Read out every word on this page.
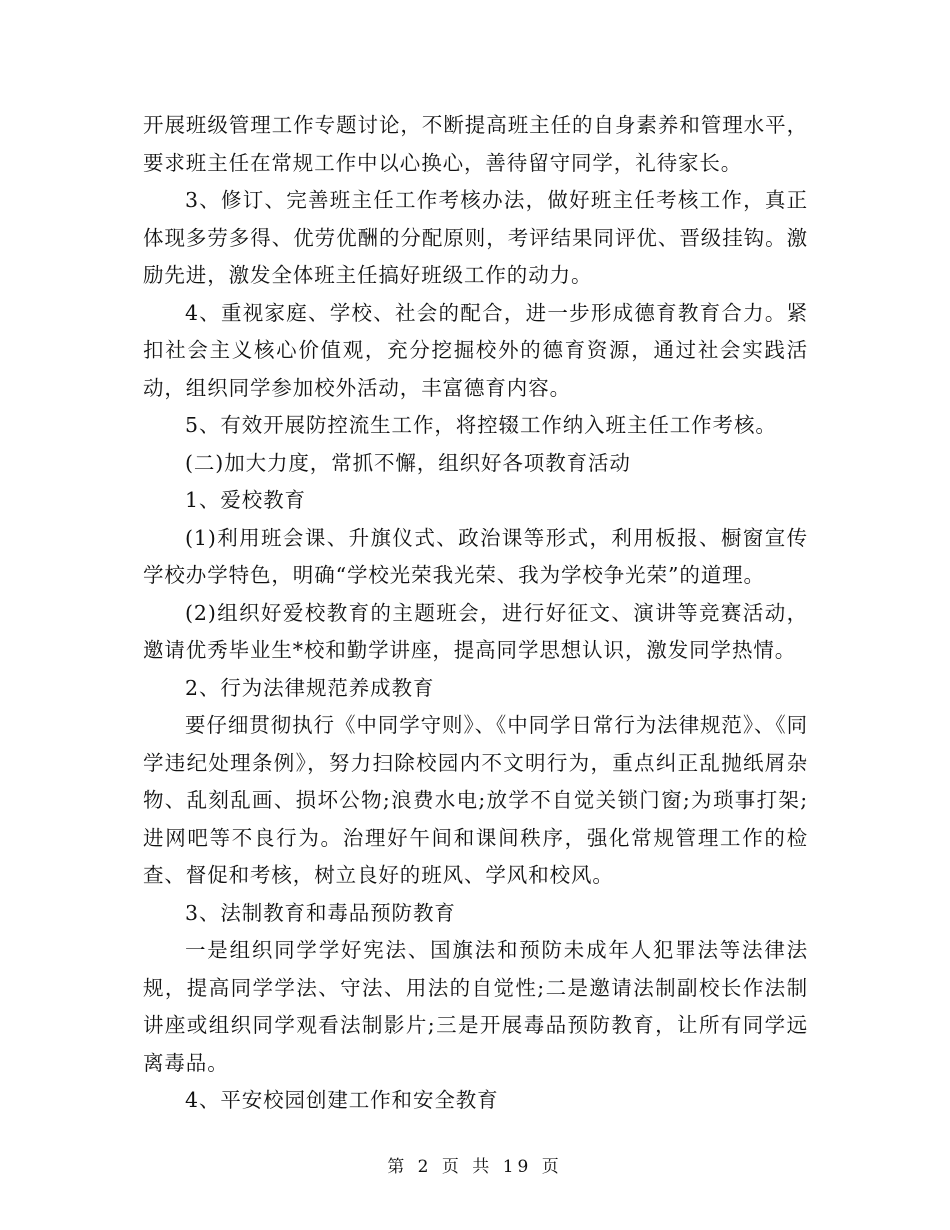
开展班级管理工作专题讨论，不断提高班主任的自身素养和管理水平，要求班主任在常规工作中以心换心，善待留守同学，礼待家长。

3、修订、完善班主任工作考核办法，做好班主任考核工作，真正体现多劳多得、优劳优酬的分配原则，考评结果同评优、晋级挂钩。激励先进，激发全体班主任搞好班级工作的动力。

4、重视家庭、学校、社会的配合，进一步形成德育教育合力。紧扣社会主义核心价值观，充分挖掘校外的德育资源，通过社会实践活动，组织同学参加校外活动，丰富德育内容。

5、有效开展防控流生工作，将控辍工作纳入班主任工作考核。

(二)加大力度，常抓不懈，组织好各项教育活动

1、爱校教育

(1)利用班会课、升旗仪式、政治课等形式，利用板报、橱窗宣传学校办学特色，明确“学校光荣我光荣、我为学校争光荣”的道理。

(2)组织好爱校教育的主题班会，进行好征文、演讲等竞赛活动，邀请优秀毕业生*校和勤学讲座，提高同学思想认识，激发同学热情。

2、行为法律规范养成教育

要仔细贯彻执行《中同学守则》、《中同学日常行为法律规范》、《同学违纪处理条例》，努力扫除校园内不文明行为，重点纠正乱抛纸屑杂物、乱刻乱画、损坏公物;浪费水电;放学不自觉关锁门窗;为琐事打架;进网吧等不良行为。治理好午间和课间秩序，强化常规管理工作的检查、督促和考核，树立良好的班风、学风和校风。

3、法制教育和毒品预防教育

一是组织同学学好宪法、国旗法和预防未成年人犯罪法等法律法规，提高同学学法、守法、用法的自觉性;二是邀请法制副校长作法制讲座或组织同学观看法制影片;三是开展毒品预防教育，让所有同学远离毒品。

4、平安校园创建工作和安全教育

第 2 页 共 19 页
